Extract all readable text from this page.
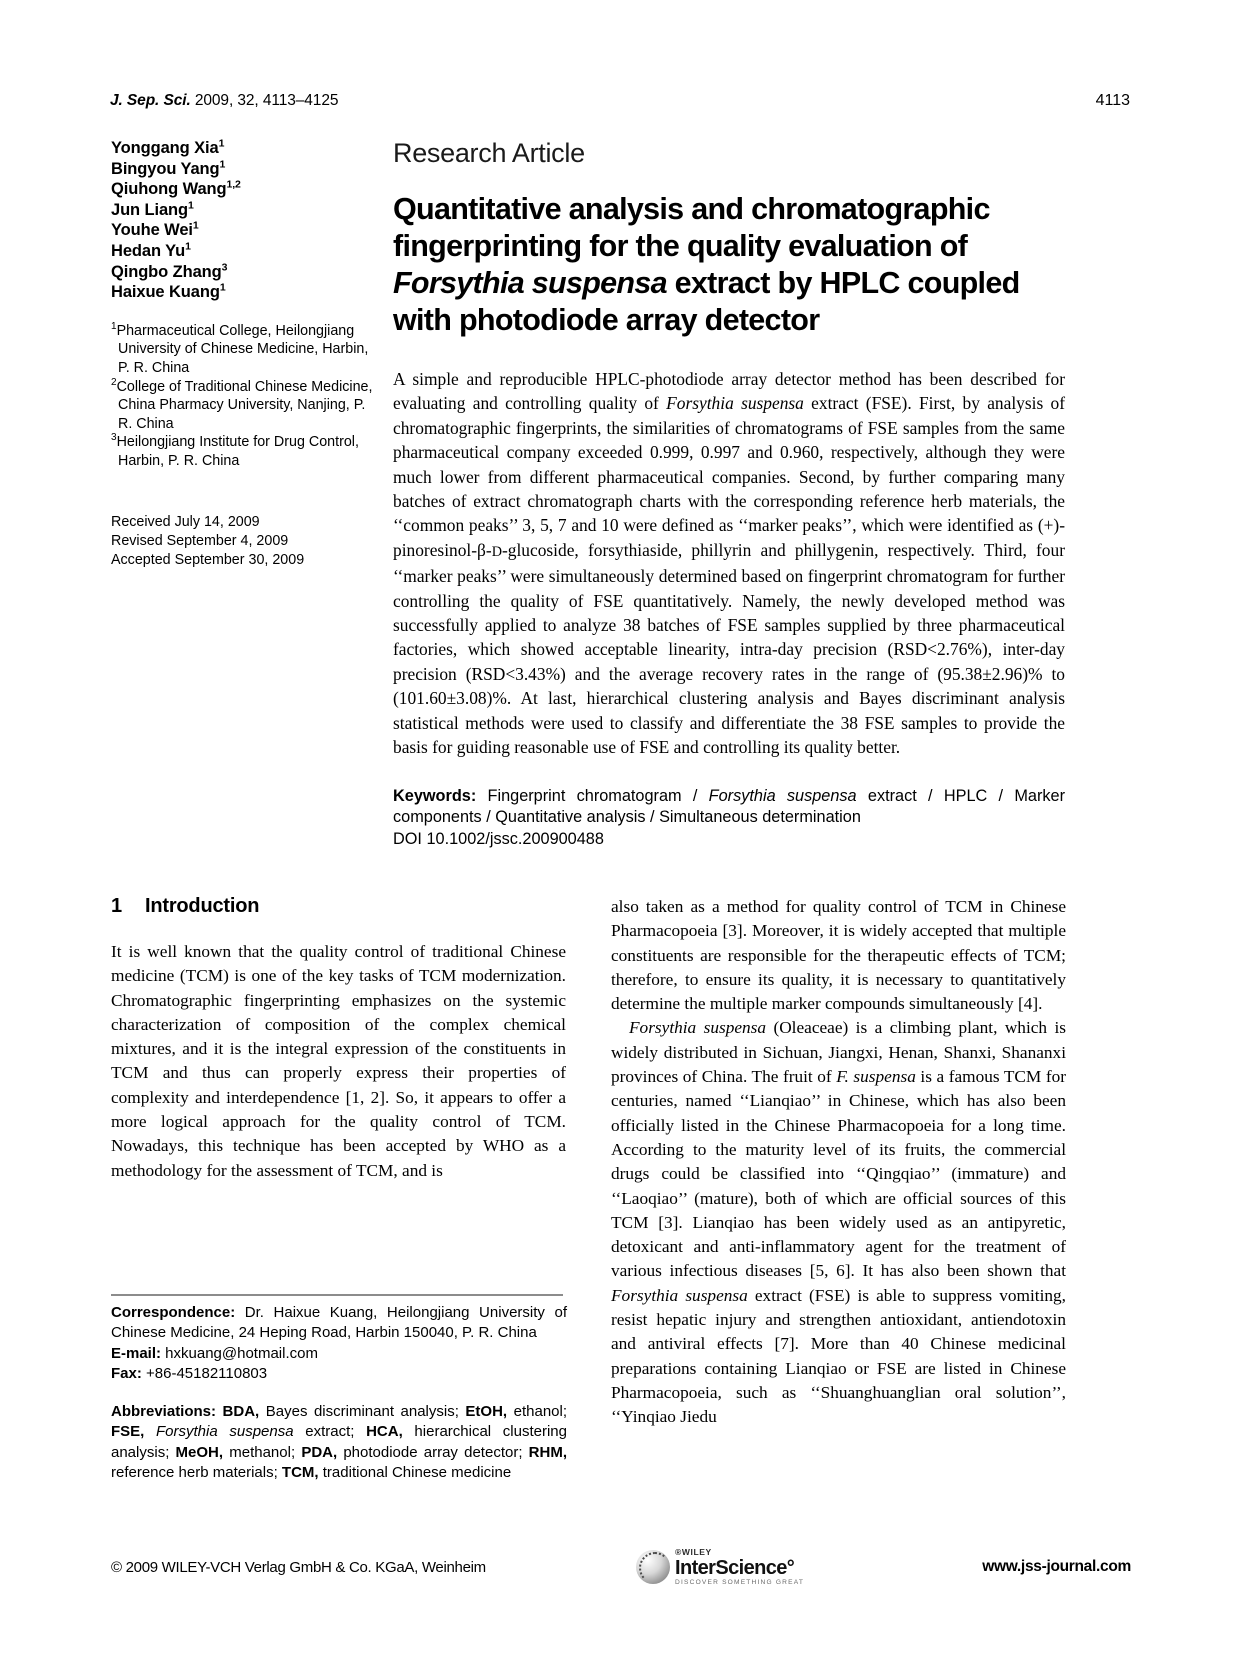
J. Sep. Sci. 2009, 32, 4113–4125	4113
Yonggang Xia$^1$
Bingyou Yang$^1$
Qiuhong Wang$^{1,2}$
Jun Liang$^1$
Youhe Wei$^1$
Hedan Yu$^1$
Qingbo Zhang$^3$
Haixue Kuang$^1$
$^1$Pharmaceutical College, Heilongjiang University of Chinese Medicine, Harbin, P. R. China
$^2$College of Traditional Chinese Medicine, China Pharmacy University, Nanjing, P. R. China
$^3$Heilongjiang Institute for Drug Control, Harbin, P. R. China
Received July 14, 2009
Revised September 4, 2009
Accepted September 30, 2009
Research Article
Quantitative analysis and chromatographic
fingerprinting for the quality evaluation of
Forsythia suspensa extract by HPLC coupled
with photodiode array detector
A simple and reproducible HPLC-photodiode array detector method has been described for evaluating and controlling quality of Forsythia suspensa extract (FSE). First, by analysis of chromatographic fingerprints, the similarities of chromatograms of FSE samples from the same pharmaceutical company exceeded 0.999, 0.997 and 0.960, respectively, although they were much lower from different pharmaceutical companies. Second, by further comparing many batches of extract chromatograph charts with the corresponding reference herb materials, the ‘‘common peaks’’ 3, 5, 7 and 10 were defined as ‘‘marker peaks’’, which were identified as (+)-pinoresinol-β-D-glucoside, forsythiaside, phillyrin and phillygenin, respectively. Third, four ‘‘marker peaks’’ were simultaneously determined based on fingerprint chromatogram for further controlling the quality of FSE quantitatively. Namely, the newly developed method was successfully applied to analyze 38 batches of FSE samples supplied by three pharmaceutical factories, which showed acceptable linearity, intra-day precision (RSD<2.76%), inter-day precision (RSD<3.43%) and the average recovery rates in the range of (95.38±2.96)% to (101.60±3.08)%. At last, hierarchical clustering analysis and Bayes discriminant analysis statistical methods were used to classify and differentiate the 38 FSE samples to provide the basis for guiding reasonable use of FSE and controlling its quality better.
Keywords: Fingerprint chromatogram / Forsythia suspensa extract / HPLC / Marker components / Quantitative analysis / Simultaneous determination
DOI 10.1002/jssc.200900488
1 Introduction

It is well known that the quality control of traditional Chinese medicine (TCM) is one of the key tasks of TCM modernization. Chromatographic fingerprinting emphasizes on the systemic characterization of composition of the complex chemical mixtures, and it is the integral expression of the constituents in TCM and thus can properly express their properties of complexity and interdependence [1, 2]. So, it appears to offer a more logical approach for the quality control of TCM. Nowadays, this technique has been accepted by WHO as a methodology for the assessment of TCM, and is

also taken as a method for quality control of TCM in Chinese Pharmacopoeia [3]. Moreover, it is widely accepted that multiple constituents are responsible for the therapeutic effects of TCM; therefore, to ensure its quality, it is necessary to quantitatively determine the multiple marker compounds simultaneously [4].

Forsythia suspensa (Oleaceae) is a climbing plant, which is widely distributed in Sichuan, Jiangxi, Henan, Shanxi, Shananxi provinces of China. The fruit of F. suspensa is a famous TCM for centuries, named ‘‘Lianqiao’’ in Chinese, which has also been officially listed in the Chinese Pharmacopoeia for a long time. According to the maturity level of its fruits, the commercial drugs could be classified into ‘‘Qingqiao’’ (immature) and ‘‘Laoqiao’’ (mature), both of which are official sources of this TCM [3]. Lianqiao has been widely used as an antipyretic, detoxicant and anti-inflammatory agent for the treatment of various infectious diseases [5, 6]. It has also been shown that Forsythia suspensa extract (FSE) is able to suppress vomiting, resist hepatic injury and strengthen antioxidant, antiendotoxin and antiviral effects [7]. More than 40 Chinese medicinal preparations containing Lianqiao or FSE are listed in Chinese Pharmacopoeia, such as ‘‘Shuanghuanglian oral solution’’, ‘‘Yinqiao Jiedu

Correspondence: Dr. Haixue Kuang, Heilongjiang University of Chinese Medicine, 24 Heping Road, Harbin 150040, P. R. China
E-mail: hxkuang@hotmail.com
Fax: +86-45182110803
Abbreviations: BDA, Bayes discriminant analysis; EtOH, ethanol; FSE, Forsythia suspensa extract; HCA, hierarchical clustering analysis; MeOH, methanol; PDA, photodiode array detector; RHM, reference herb materials; TCM, traditional Chinese medicine
© 2009 WILEY-VCH Verlag GmbH & Co. KGaA, Weinheim
®WILEY
InterScience°
DISCOVER SOMETHING GREAT
www.jss-journal.com
